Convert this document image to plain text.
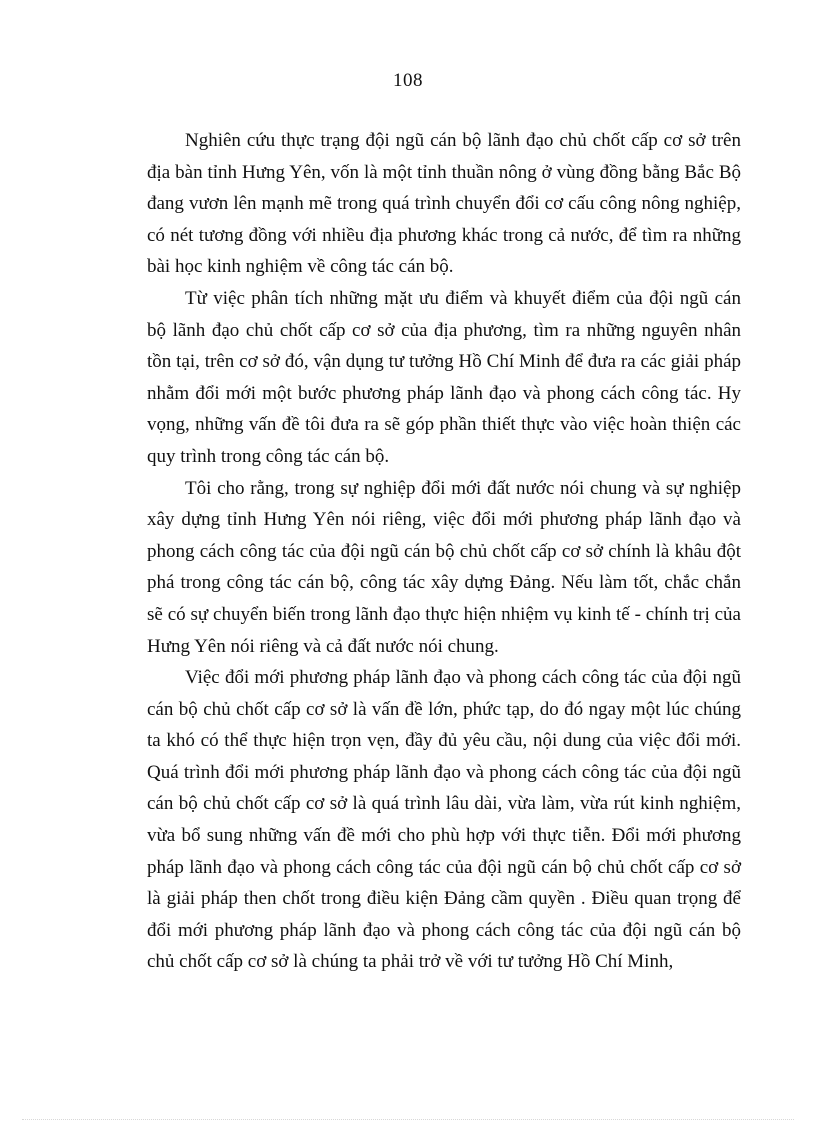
108

Nghiên cứu thực trạng đội ngũ cán bộ lãnh đạo chủ chốt cấp cơ sở trên địa bàn tỉnh Hưng Yên, vốn là một tỉnh thuần nông ở vùng đồng bằng Bắc Bộ đang vươn lên mạnh mẽ trong quá trình chuyển đổi cơ cấu công nông nghiệp, có nét tương đồng với nhiều địa phương khác trong cả nước, để tìm ra những bài học kinh nghiệm về công tác cán bộ.

Từ việc phân tích những mặt ưu điểm và khuyết điểm của đội ngũ cán bộ lãnh đạo chủ chốt cấp cơ sở của địa phương, tìm ra những nguyên nhân tồn tại, trên cơ sở đó, vận dụng tư tưởng Hồ Chí Minh để đưa ra các giải pháp nhằm đổi mới một bước phương pháp lãnh đạo và phong cách công tác. Hy vọng, những vấn đề tôi đưa ra sẽ góp phần thiết thực vào việc hoàn thiện các quy trình trong công tác cán bộ.

Tôi cho rằng, trong sự nghiệp đổi mới đất nước nói chung và sự nghiệp xây dựng tỉnh Hưng Yên nói riêng, việc đổi mới phương pháp lãnh đạo và phong cách công tác của đội ngũ cán bộ chủ chốt cấp cơ sở chính là khâu đột phá trong công tác cán bộ, công tác xây dựng Đảng. Nếu làm tốt, chắc chắn sẽ có sự chuyển biến trong lãnh đạo thực hiện nhiệm vụ kinh tế - chính trị của Hưng Yên nói riêng và cả đất nước nói chung.

Việc đổi mới phương pháp lãnh đạo và phong cách công tác của đội ngũ cán bộ chủ chốt cấp cơ sở là vấn đề lớn, phức tạp, do đó ngay một lúc chúng ta khó có thể thực hiện trọn vẹn, đầy đủ yêu cầu, nội dung của việc đổi mới. Quá trình đổi mới phương pháp lãnh đạo và phong cách công tác của đội ngũ cán bộ chủ chốt cấp cơ sở là quá trình lâu dài, vừa làm, vừa rút kinh nghiệm, vừa bổ sung những vấn đề mới cho phù hợp với thực tiễn. Đổi mới phương pháp lãnh đạo và phong cách công tác của đội ngũ cán bộ chủ chốt cấp cơ sở là giải pháp then chốt trong điều kiện Đảng cầm quyền . Điều quan trọng để đổi mới phương pháp lãnh đạo và phong cách công tác của đội ngũ cán bộ chủ chốt cấp cơ sở là chúng ta phải trở về với tư tưởng Hồ Chí Minh,
